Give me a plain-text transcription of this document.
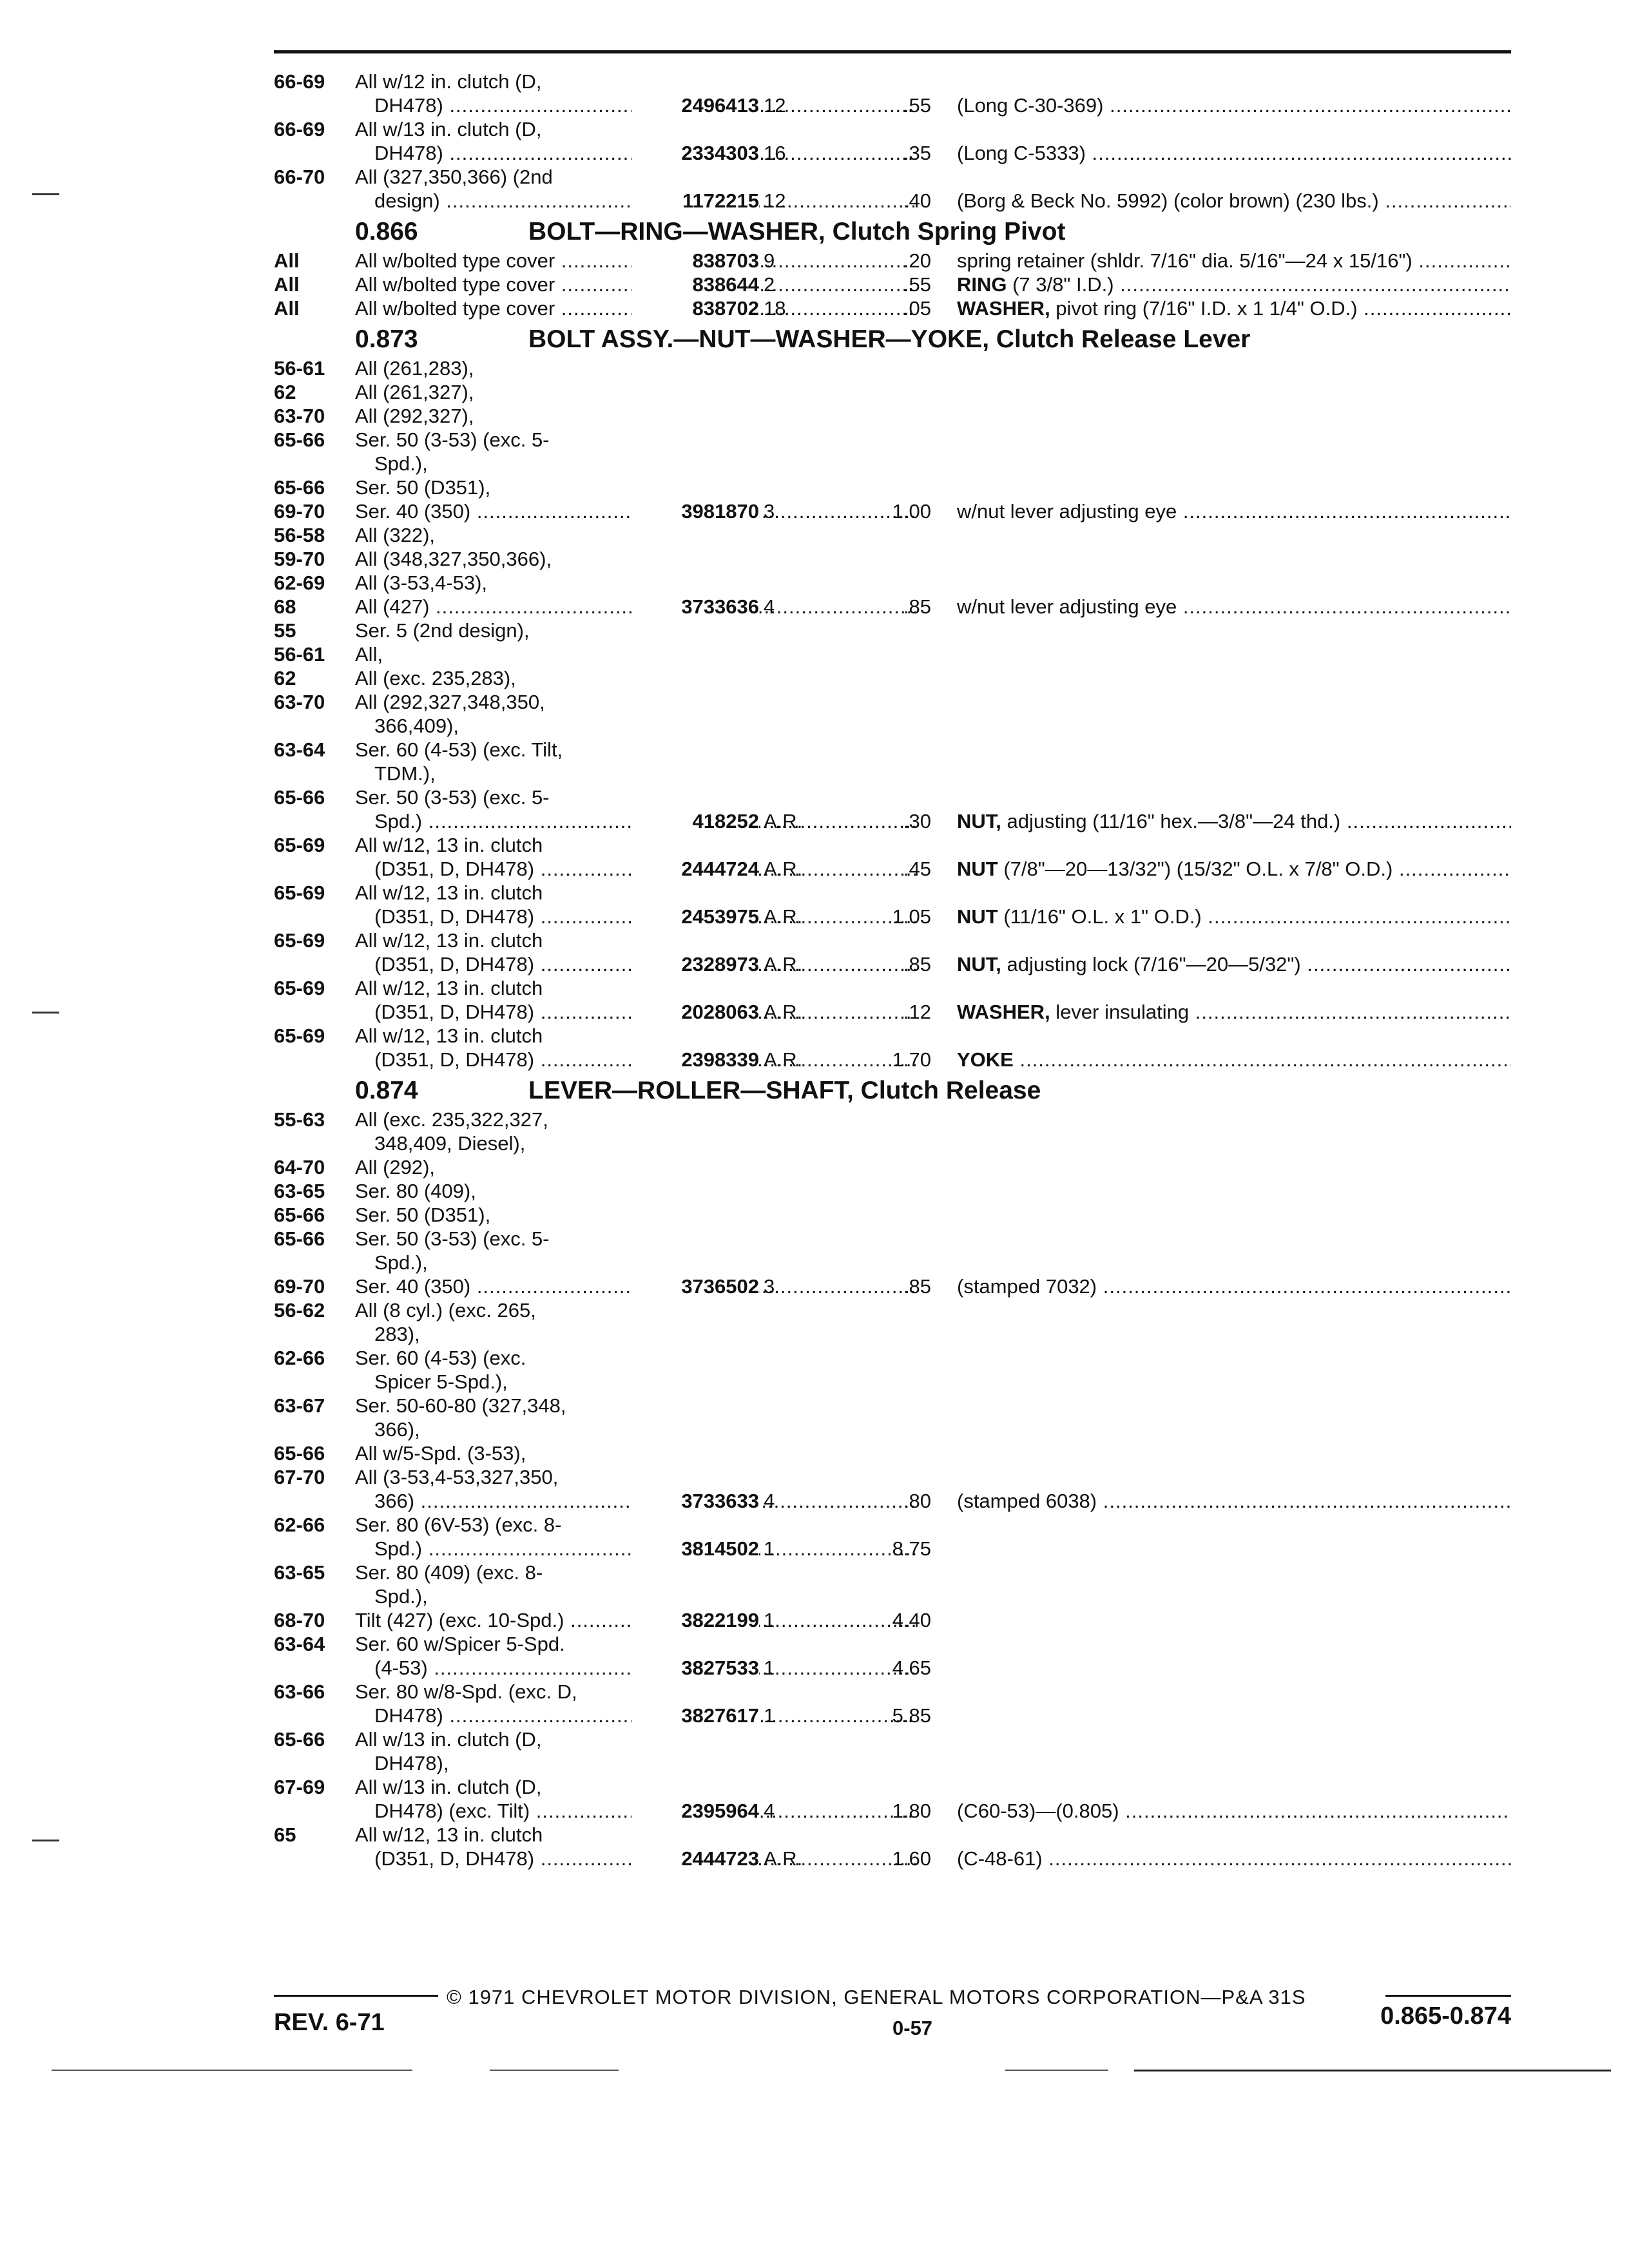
66-69	All w/12 in. clutch (D,
DH478) .....	2496413 12	.55 (Long C-30-369) .....
66-69	All w/13 in. clutch (D,
DH478) .....	2334303 16	.35 (Long C-5333) .....
66-70	All (327,350,366) (2nd
design) .....	1172215 12	.40 (Borg & Beck No. 5992) (color brown) (230 lbs.) .....
0.866	BOLT—RING—WASHER, Clutch Spring Pivot
All	All w/bolted type cover .....	838703 9	.20 spring retainer (shldr. 7/16" dia. 5/16"—24 x 15/16") .....
All	All w/bolted type cover .....	838644 2	.55 RING (7 3/8" I.D.) .....
All	All w/bolted type cover .....	838702 18	.05 WASHER, pivot ring (7/16" I.D. x 1 1/4" O.D.) .....
0.873	BOLT ASSY.—NUT—WASHER—YOKE, Clutch Release Lever
56-61	All (261,283),
62	All (261,327),
63-70	All (292,327),
65-66	Ser. 50 (3-53) (exc. 5-
Spd.),
65-66	Ser. 50 (D351),
69-70	Ser. 40 (350) .....	3981870 3	1.00 w/nut lever adjusting eye .....
56-58	All (322),
59-70	All (348,327,350,366),
62-69	All (3-53,4-53),
68	All (427) .....	3733636 4	.85 w/nut lever adjusting eye .....
55	Ser. 5 (2nd design),
56-61	All,
62	All (exc. 235,283),
63-70	All (292,327,348,350,
366,409),
63-64	Ser. 60 (4-53) (exc. Tilt,
TDM.),
65-66	Ser. 50 (3-53) (exc. 5-
Spd.) .....	418252 A.R.	.30 NUT, adjusting (11/16" hex.—3/8"—24 thd.) .....
65-69	All w/12, 13 in. clutch
(D351, D, DH478) .....	2444724 A.R.	.45 NUT (7/8"—20—13/32") (15/32" O.L. x 7/8" O.D.) .....
65-69	All w/12, 13 in. clutch
(D351, D, DH478) .....	2453975 A.R.	1.05 NUT (11/16" O.L. x 1" O.D.) .....
65-69	All w/12, 13 in. clutch
(D351, D, DH478) .....	2328973 A.R.	.85 NUT, adjusting lock (7/16"—20—5/32") .....
65-69	All w/12, 13 in. clutch
(D351, D, DH478) .....	2028063 A.R.	.12 WASHER, lever insulating .....
65-69	All w/12, 13 in. clutch
(D351, D, DH478) .....	2398339 A.R.	1.70 YOKE .....
0.874	LEVER—ROLLER—SHAFT, Clutch Release
55-63	All (exc. 235,322,327,
348,409, Diesel),
64-70	All (292),
63-65	Ser. 80 (409),
65-66	Ser. 50 (D351),
65-66	Ser. 50 (3-53) (exc. 5-
Spd.),
69-70	Ser. 40 (350) .....	3736502 3	.85 (stamped 7032) .....
56-62	All (8 cyl.) (exc. 265,
283),
62-66	Ser. 60 (4-53) (exc.
Spicer 5-Spd.),
63-67	Ser. 50-60-80 (327,348,
366),
65-66	All w/5-Spd. (3-53),
67-70	All (3-53,4-53,327,350,
366) .....	3733633 4	.80 (stamped 6038) .....
62-66	Ser. 80 (6V-53) (exc. 8-
Spd.) .....	3814502 1	8.75
63-65	Ser. 80 (409) (exc. 8-
Spd.),
68-70	Tilt (427) (exc. 10-Spd.) .....	3822199 1	4.40
63-64	Ser. 60 w/Spicer 5-Spd.
(4-53) .....	3827533 1	4.65
63-66	Ser. 80 w/8-Spd. (exc. D,
DH478) .....	3827617 1	5.85
65-66	All w/13 in. clutch (D,
DH478),
67-69	All w/13 in. clutch (D,
DH478) (exc. Tilt) .....	2395964 4	1.80 (C60-53)—(0.805) .....
65	All w/12, 13 in. clutch
(D351, D, DH478) .....	2444723 A.R.	1.60 (C-48-61) .....
© 1971 CHEVROLET MOTOR DIVISION, GENERAL MOTORS CORPORATION—P&A 31S
REV. 6-71	0-57	0.865-0.874
